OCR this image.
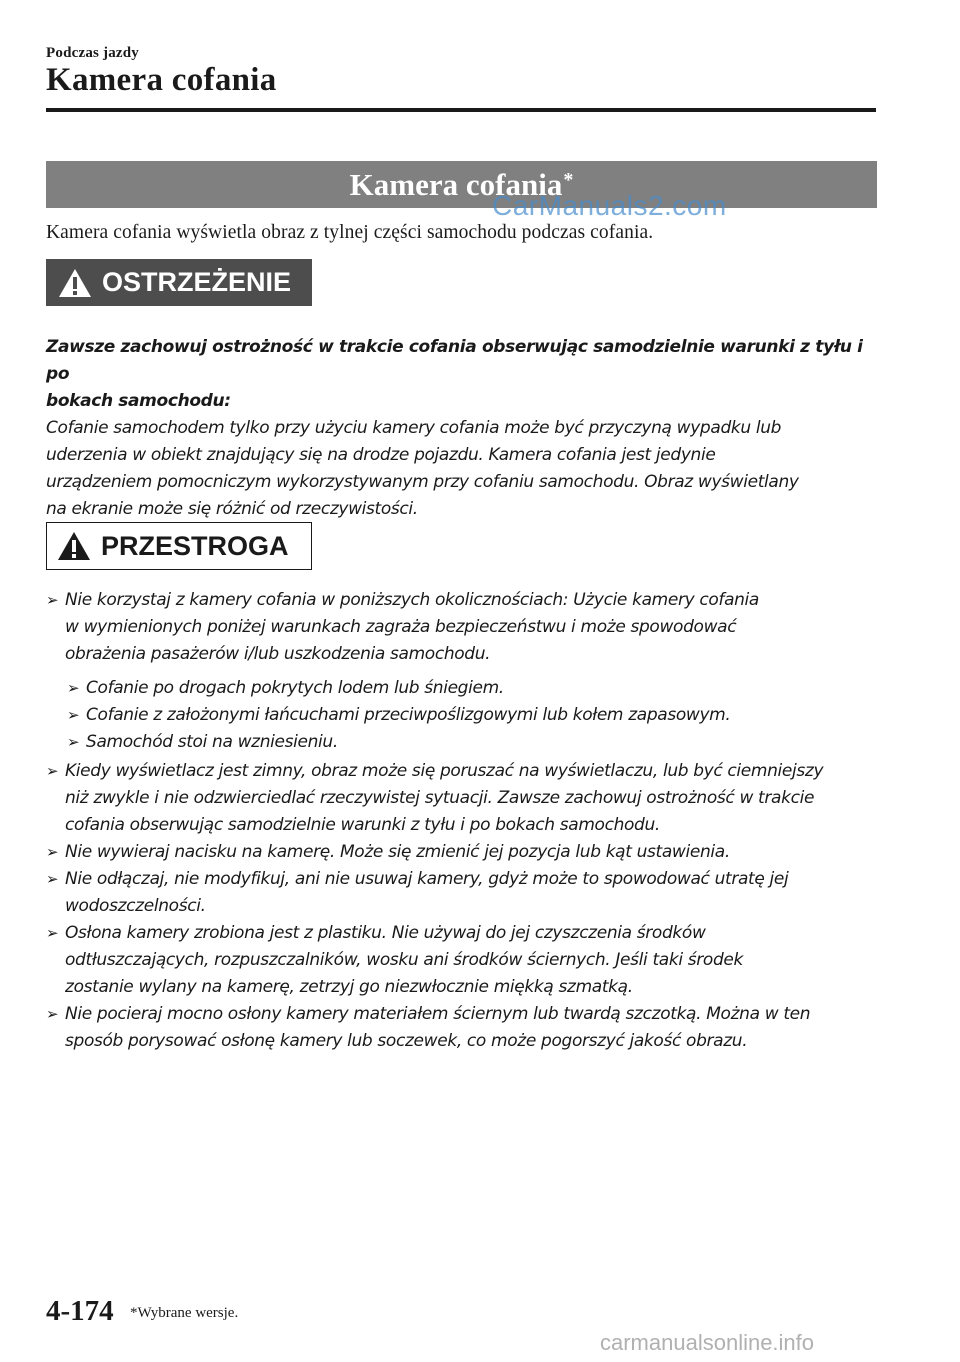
Podczas jazdy
Kamera cofania
Kamera cofania*
CarManuals2.com
Kamera cofania wyświetla obraz z tylnej części samochodu podczas cofania.
OSTRZEŻENIE

Zawsze zachowuj ostrożność w trakcie cofania obserwując samodzielnie warunki z tyłu i po

bokach samochodu:

Cofanie samochodem tylko przy użyciu kamery cofania może być przyczyną wypadku lub

uderzenia w obiekt znajdujący się na drodze pojazdu. Kamera cofania jest jedynie

urządzeniem pomocniczym wykorzystywanym przy cofaniu samochodu. Obraz wyświetlany

na ekranie może się różnić od rzeczywistości.

PRZESTROGA
➢ Nie korzystaj z kamery cofania w poniższych okolicznościach: Użycie kamery cofania
w wymienionych poniżej warunkach zagraża bezpieczeństwu i może spowodować
obrażenia pasażerów i/lub uszkodzenia samochodu.
➢ Cofanie po drogach pokrytych lodem lub śniegiem.
➢ Cofanie z założonymi łańcuchami przeciwpoślizgowymi lub kołem zapasowym.
➢ Samochód stoi na wzniesieniu.
➢ Kiedy wyświetlacz jest zimny, obraz może się poruszać na wyświetlaczu, lub być ciemniejszy
niż zwykle i nie odzwierciedlać rzeczywistej sytuacji. Zawsze zachowuj ostrożność w trakcie
cofania obserwując samodzielnie warunki z tyłu i po bokach samochodu.
➢ Nie wywieraj nacisku na kamerę. Może się zmienić jej pozycja lub kąt ustawienia.
➢ Nie odłączaj, nie modyfikuj, ani nie usuwaj kamery, gdyż może to spowodować utratę jej
wodoszczelności.
➢ Osłona kamery zrobiona jest z plastiku. Nie używaj do jej czyszczenia środków
odtłuszczających, rozpuszczalników, wosku ani środków ściernych. Jeśli taki środek
zostanie wylany na kamerę, zetrzyj go niezwłocznie miękką szmatką.
➢ Nie pocieraj mocno osłony kamery materiałem ściernym lub twardą szczotką. Można w ten
sposób porysować osłonę kamery lub soczewek, co może pogorszyć jakość obrazu.
4-174 *Wybrane wersje.
carmanualsonline.info
